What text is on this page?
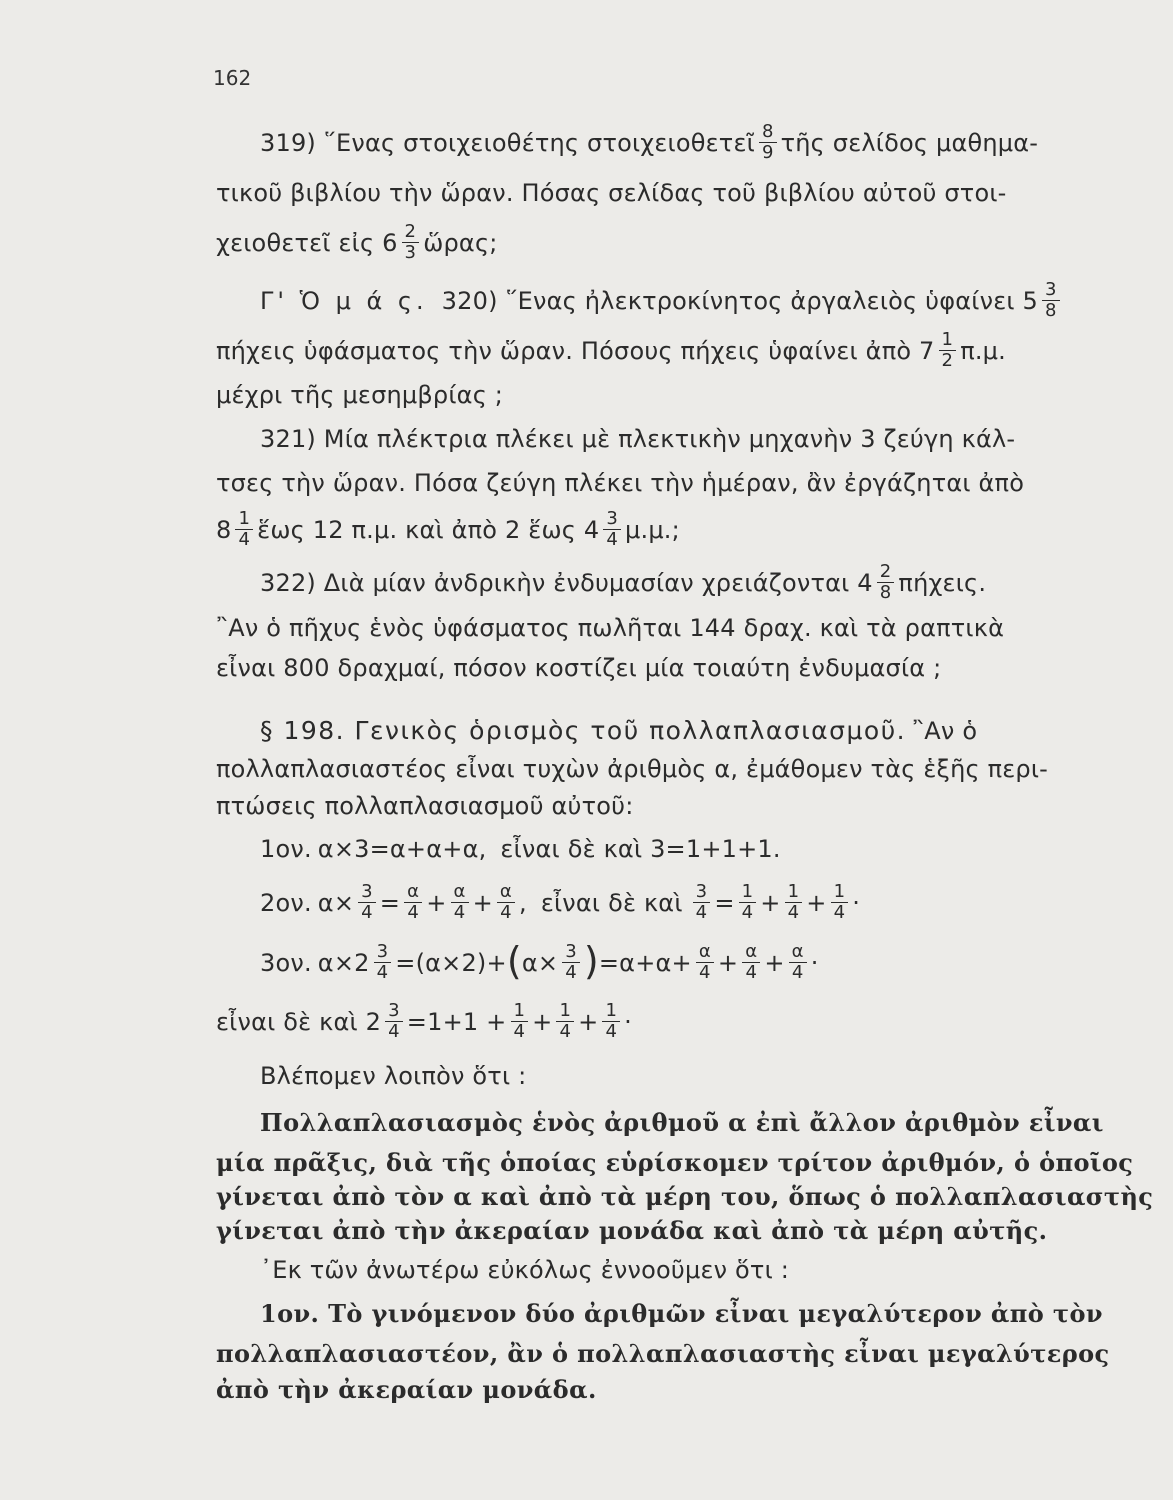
162
319) ῞Ενας στοιχειοθέτης στοιχειοθετεῖ $\frac{8}{9}$ τῆς σελίδος μαθημα-
τικοῦ βιβλίου τὴν ὥραν. Πόσας σελίδας τοῦ βιβλίου αὐτοῦ στοι-
χειοθετεῖ εἰς $6 \frac{2}{3}$ ὥρας;
Γ' Ὁ μ ά ς. 320) ῞Ενας ἠλεκτροκίνητος ἀργαλειὸς ὑφαίνει $5 \frac{3}{8}$
πήχεις ὑφάσματος τὴν ὥραν. Πόσους πήχεις ὑφαίνει ἀπὸ $7 \frac{1}{2} \pi.\mu$.
μέχρι τῆς μεσημβρίας ;
321) Μία πλέκτρια πλέκει μὲ πλεκτικὴν μηχανὴν 3 ζεύγη κάλ-
τσες τὴν ὥραν. Πόσα ζεύγη πλέκει τὴν ἡμέραν, ἂν ἐργάζηται ἀπὸ
$8 \frac{1}{4}$ ἕως 12 π.μ. καὶ ἀπὸ 2 ἕως $4 \frac{3}{4} \mu.\mu$.;
322) Διὰ μίαν ἀνδρικὴν ἐνδυμασίαν χρειάζονται $4 \frac{2}{8} \pi ή\chi\varepsilon\iota\varsigma$.
῍Αν ὁ πῆχυς ἑνὸς ὑφάσματος πωλῆται 144 δραχ. καὶ τὰ ραπτικὰ
εἶναι 800 δραχμαί, πόσον κοστίζει μία τοιαύτη ἐνδυμασία ;
§ 198. Γενικὸς ὁρισμὸς τοῦ πολλαπλασιασμοῦ. ῍Αν ὁ
πολλαπλασιαστέος εἶναι τυχὼν ἀριθμὸς α, ἐμάθομεν τὰς ἑξῆς περι-
πτώσεις πολλαπλασιασμοῦ αὐτοῦ:
1ον. α×3=α+α+α, εἶναι δὲ καὶ 3=1+1+1.
2ον. $\alpha\times \frac{3}{4} = \frac{\alpha}{4} + \frac{\alpha}{4} + \frac{\alpha}{4}$ , εἶναι δὲ καὶ $\frac{3}{4} = \frac{1}{4} + \frac{1}{4} + \frac{1}{4}$ ·
3ον. $\alpha\times 2 \frac{3}{4} =(\alpha\times 2)+(\alpha\times \frac{3}{4} )=\alpha+\alpha+ \frac{\alpha}{4} + \frac{\alpha}{4} + \frac{\alpha}{4}$ ·
εἶναι δὲ καὶ $2 \frac{3}{4} =1+1 + \frac{1}{4} + \frac{1}{4} + \frac{1}{4}$ ·
Βλέπομεν λοιπὸν ὅτι :
Πολλαπλασιασμὸς ἑνὸς ἀριθμοῦ α ἐπὶ ἄλλον ἀριθμὸν εἶναι
μία πρᾶξις, διὰ τῆς ὁποίας εὑρίσκομεν τρίτον ἀριθμόν, ὁ ὁποῖος
γίνεται ἀπὸ τὸν α καὶ ἀπὸ τὰ μέρη του, ὅπως ὁ πολλαπλασιαστὴς
γίνεται ἀπὸ τὴν ἀκεραίαν μονάδα καὶ ἀπὸ τὰ μέρη αὐτῆς.
᾿Εκ τῶν ἀνωτέρω εὐκόλως ἐννοοῦμεν ὅτι :
1ον. Τὸ γινόμενον δύο ἀριθμῶν εἶναι μεγαλύτερον ἀπὸ τὸν
πολλαπλασιαστέον, ἂν ὁ πολλαπλασιαστὴς εἶναι μεγαλύτερος
ἀπὸ τὴν ἀκεραίαν μονάδα.
